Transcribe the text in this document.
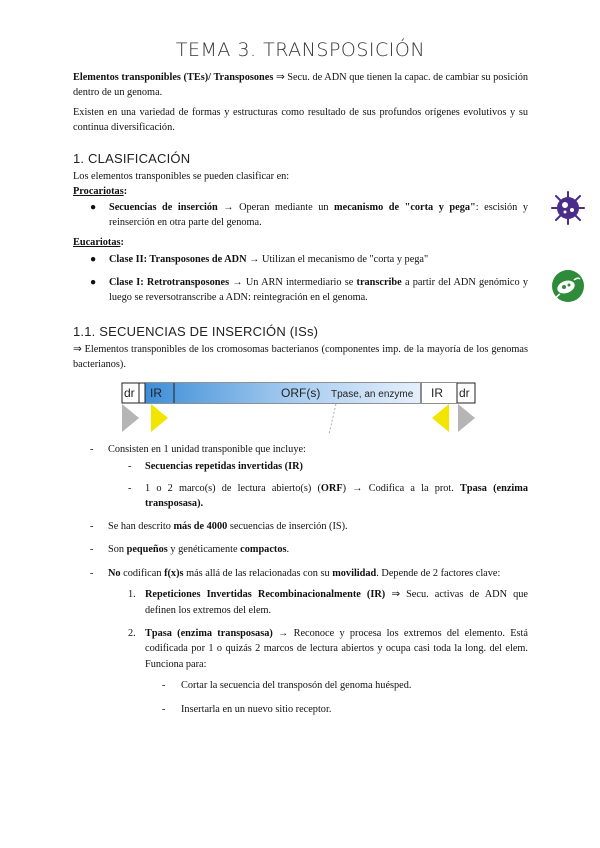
TEMA 3. TRANSPOSICIÓN

Elementos transponibles (TEs)/ Transposones ⇒ Secu. de ADN que tienen la capac. de cambiar su posición dentro de un genoma.

Existen en una variedad de formas y estructuras como resultado de sus profundos orígenes evolutivos y su continua diversificación.

1. CLASIFICACIÓN

Los elementos transponibles se pueden clasificar en:

Procariotas:

● Secuencias de inserción → Operan mediante un mecanismo de "corta y pega": escisión y reinserción en otra parte del genoma.

Eucariotas:

● Clase II: Transposones de ADN → Utilizan el mecanismo de "corta y pega"
● Clase I: Retrotransposones → Un ARN intermediario se transcribe a partir del ADN genómico y luego se reversotranscribe a ADN: reintegración en el genoma.
1.1. SECUENCIAS DE INSERCIÓN (ISs)

⇒ Elementos transponibles de los cromosomas bacterianos (componentes imp. de la mayoría de los genomas bacterianos).

dr IR	ORF(s) Tpase, an enzyme IR dr
- Consisten en 1 unidad transponible que incluye:
- Secuencias repetidas invertidas (IR)
- 1 o 2 marco(s) de lectura abierto(s) (ORF) → Codifica a la prot. Tpasa (enzima transposasa).
- Se han descrito más de 4000 secuencias de inserción (IS).
- Son pequeños y genéticamente compactos.
- No codifican f(x)s más allá de las relacionadas con su movilidad. Depende de 2 factores clave:
1. Repeticiones Invertidas Recombinacionalmente (IR) ⇒ Secu. activas de ADN que definen los extremos del elem.
2. Tpasa (enzima transposasa) → Reconoce y procesa los extremos del elemento. Está codificada por 1 o quizás 2 marcos de lectura abiertos y ocupa casi toda la long. del elem. Funciona para:
- Cortar la secuencia del transposón del genoma huésped.
- Insertarla en un nuevo sitio receptor.
